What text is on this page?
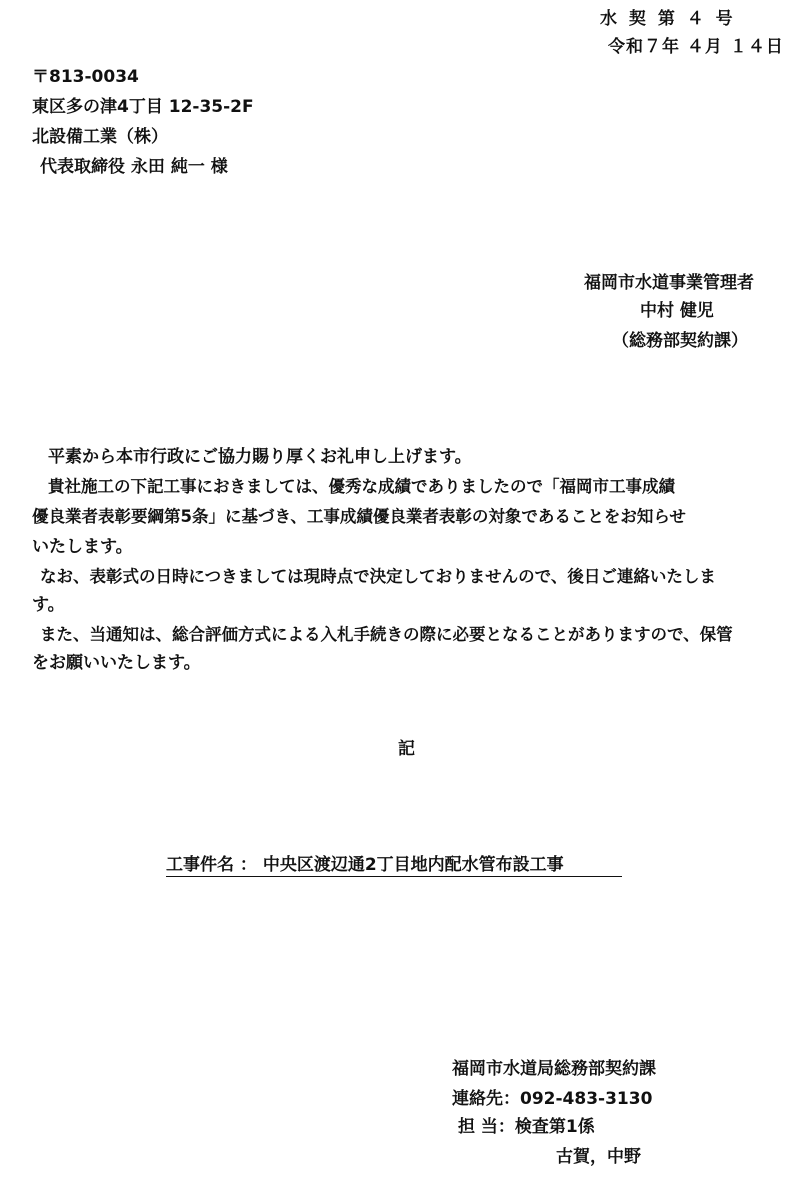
水 契 第 ４ 号
令和７年 ４月 １４日
〒813-0034
東区多の津4丁目 12-35-2F
北設備工業（株）
代表取締役 永田 純一 様
福岡市水道事業管理者
中村 健児
（総務部契約課）
平素から本市行政にご協力賜り厚くお礼申し上げます。
貴社施工の下記工事におきましては、優秀な成績でありましたので「福岡市工事成績
優良業者表彰要綱第5条」に基づき、工事成績優良業者表彰の対象であることをお知らせ
いたします。
なお、表彰式の日時につきましては現時点で決定しておりませんので、後日ご連絡いたしま
す。
また、当通知は、総合評価方式による入札手続きの際に必要となることがありますので、保管
をお願いいたします。
記
工事件名 ： 中央区渡辺通2丁目地内配水管布設工事
福岡市水道局総務部契約課
連絡先：092-483-3130
担 当：検査第1係
古賀，中野
